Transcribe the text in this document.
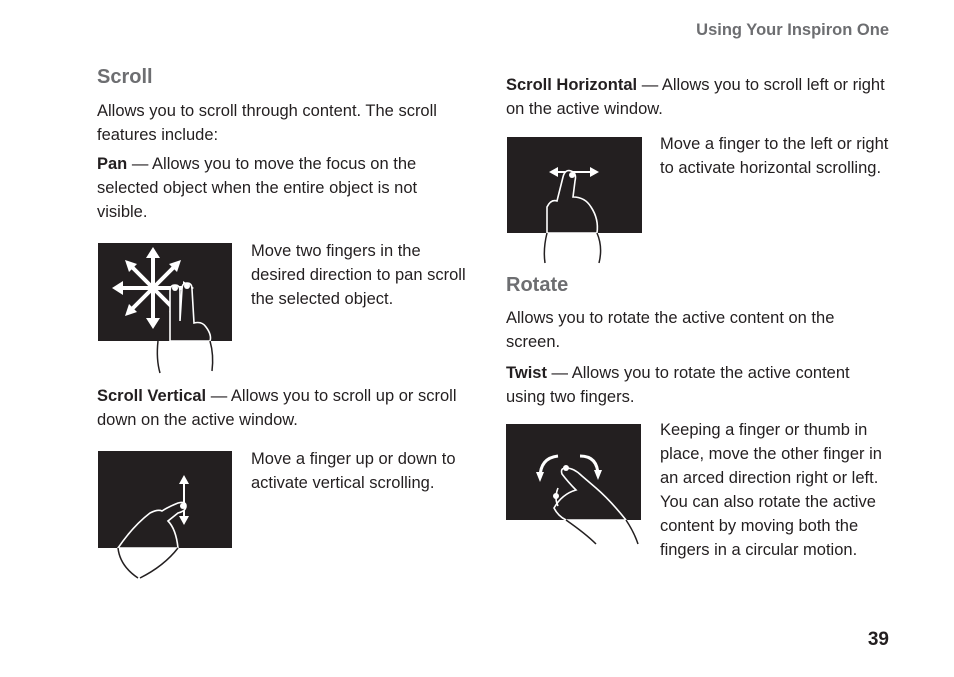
Using Your Inspiron One
Scroll

Allows you to scroll through content. The scroll features include:

Pan — Allows you to move the focus on the selected object when the entire object is not visible.

Move two fingers in the desired direction to pan scroll the selected object.

Scroll Vertical — Allows you to scroll up or scroll down on the active window.

Move a finger up or down to activate vertical scrolling.

Scroll Horizontal — Allows you to scroll left or right on the active window.

Move a finger to the left or right to activate horizontal scrolling.

Rotate

Allows you to rotate the active content on the screen.

Twist — Allows you to rotate the active content using two fingers.

Keeping a finger or thumb in place, move the other finger in an arced direction right or left. You can also rotate the active content by moving both the fingers in a circular motion.

39
